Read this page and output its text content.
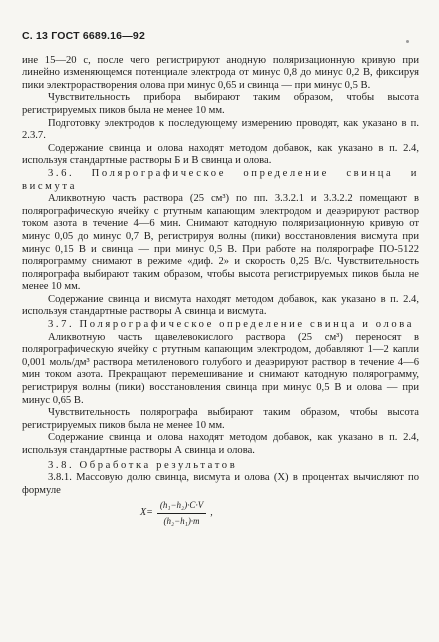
С. 13 ГОСТ 6689.16—92

ине 15—20 с, после чего регистрируют анодную поляризационную кривую при линейно изменяющемся потенциале электрода от минус 0,8 до минус 0,2 В, фиксируя пики электрорастворения олова при минус 0,65 и свинца — при минус 0,5 В.

Чувствительность прибора выбирают таким образом, чтобы высота регистрируемых пиков была не менее 10 мм.

Подготовку электродов к последующему измерению проводят, как указано в п. 2.3.7.

Содержание свинца и олова находят методом добавок, как указано в п. 2.4, используя стандартные растворы Б и В свинца и олова.

3.6. Полярографическое определение свинца и висмута

Аликвотную часть раствора (25 см³) по пп. 3.3.2.1 и 3.3.2.2 помещают в полярографическую ячейку с ртутным капающим электродом и деаэрируют раствор током азота в течение 4—6 мин. Снимают катодную поляризационную кривую от минус 0,05 до минус 0,7 В, регистрируя волны (пики) восстановления висмута при минус 0,15 В и свинца — при минус 0,5 В. При работе на полярографе ПО-5122 полярограмму снимают в режиме «диф. 2» и скорость 0,25 В/с. Чувствительность полярографа выбирают таким образом, чтобы высота регистрируемых пиков была не менее 10 мм.

Содержание свинца и висмута находят методом добавок, как указано в п. 2.4, используя стандартные растворы А свинца и висмута.

3.7. Полярографическое определение свинца и олова

Аликвотную часть щавелевокислого раствора (25 см³) переносят в полярографическую ячейку с ртутным капающим электродом, добавляют 1—2 капли 0,001 моль/дм³ раствора метиленового голубого и деаэрируют раствор в течение 4—6 мин током азота. Прекращают перемешивание и снимают катодную полярограмму, регистрируя волны (пики) восстановления свинца при минус 0,5 В и олова — при минус 0,65 В.

Чувствительность полярографа выбирают таким образом, чтобы высота регистрируемых пиков была не менее 10 мм.

Содержание свинца и олова находят методом добавок, как указано в п. 2.4, используя стандартные растворы А свинца и олова.

3.8. Обработка результатов

3.8.1. Массовую долю свинца, висмута и олова (X) в процентах вычисляют по формуле

$X= \frac{\text{(h₁−h₂)·C·V}}{\text{(h₂−h₁)·m}}$ ,
